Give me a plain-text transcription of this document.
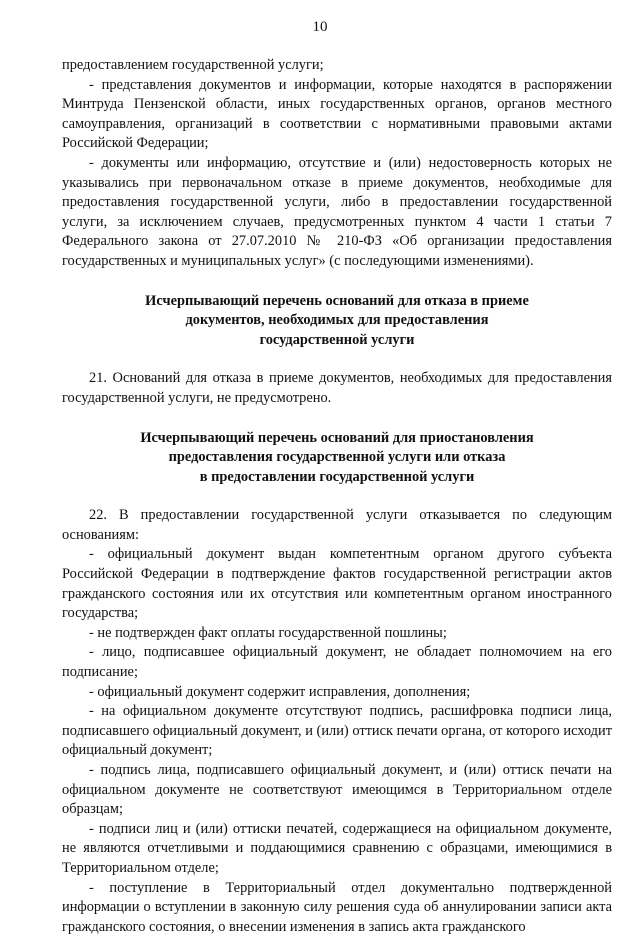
10

предоставлением государственной услуги;

- представления документов и информации, которые находятся в распоряжении Минтруда Пензенской области, иных государственных органов, органов местного самоуправления, организаций в соответствии с нормативными правовыми актами Российской Федерации;

- документы или информацию, отсутствие и (или) недостоверность которых не указывались при первоначальном отказе в приеме документов, необходимые для предоставления государственной услуги, либо в предоставлении государственной услуги, за исключением случаев, предусмотренных пунктом 4 части 1 статьи 7 Федерального закона от 27.07.2010 № 210-ФЗ «Об организации предоставления государственных и муниципальных услуг» (с последующими изменениями).

Исчерпывающий перечень оснований для отказа в приеме
документов, необходимых для предоставления
государственной услуги

21. Оснований для отказа в приеме документов, необходимых для предоставления государственной услуги, не предусмотрено.

Исчерпывающий перечень оснований для приостановления
предоставления государственной услуги или отказа
в предоставлении государственной услуги

22. В предоставлении государственной услуги отказывается по следующим основаниям:

- официальный документ выдан компетентным органом другого субъекта Российской Федерации в подтверждение фактов государственной регистрации актов гражданского состояния или их отсутствия или компетентным органом иностранного государства;

- не подтвержден факт оплаты государственной пошлины;

- лицо, подписавшее официальный документ, не обладает полномочием на его подписание;

- официальный документ содержит исправления, дополнения;

- на официальном документе отсутствуют подпись, расшифровка подписи лица, подписавшего официальный документ, и (или) оттиск печати органа, от которого исходит официальный документ;

- подпись лица, подписавшего официальный документ, и (или) оттиск печати на официальном документе не соответствуют имеющимся в Территориальном отделе образцам;

- подписи лиц и (или) оттиски печатей, содержащиеся на официальном документе, не являются отчетливыми и поддающимися сравнению с образцами, имеющимися в Территориальном отделе;

- поступление в Территориальный отдел документально подтвержденной информации о вступлении в законную силу решения суда об аннулировании записи акта гражданского состояния, о внесении изменения в запись акта гражданского
